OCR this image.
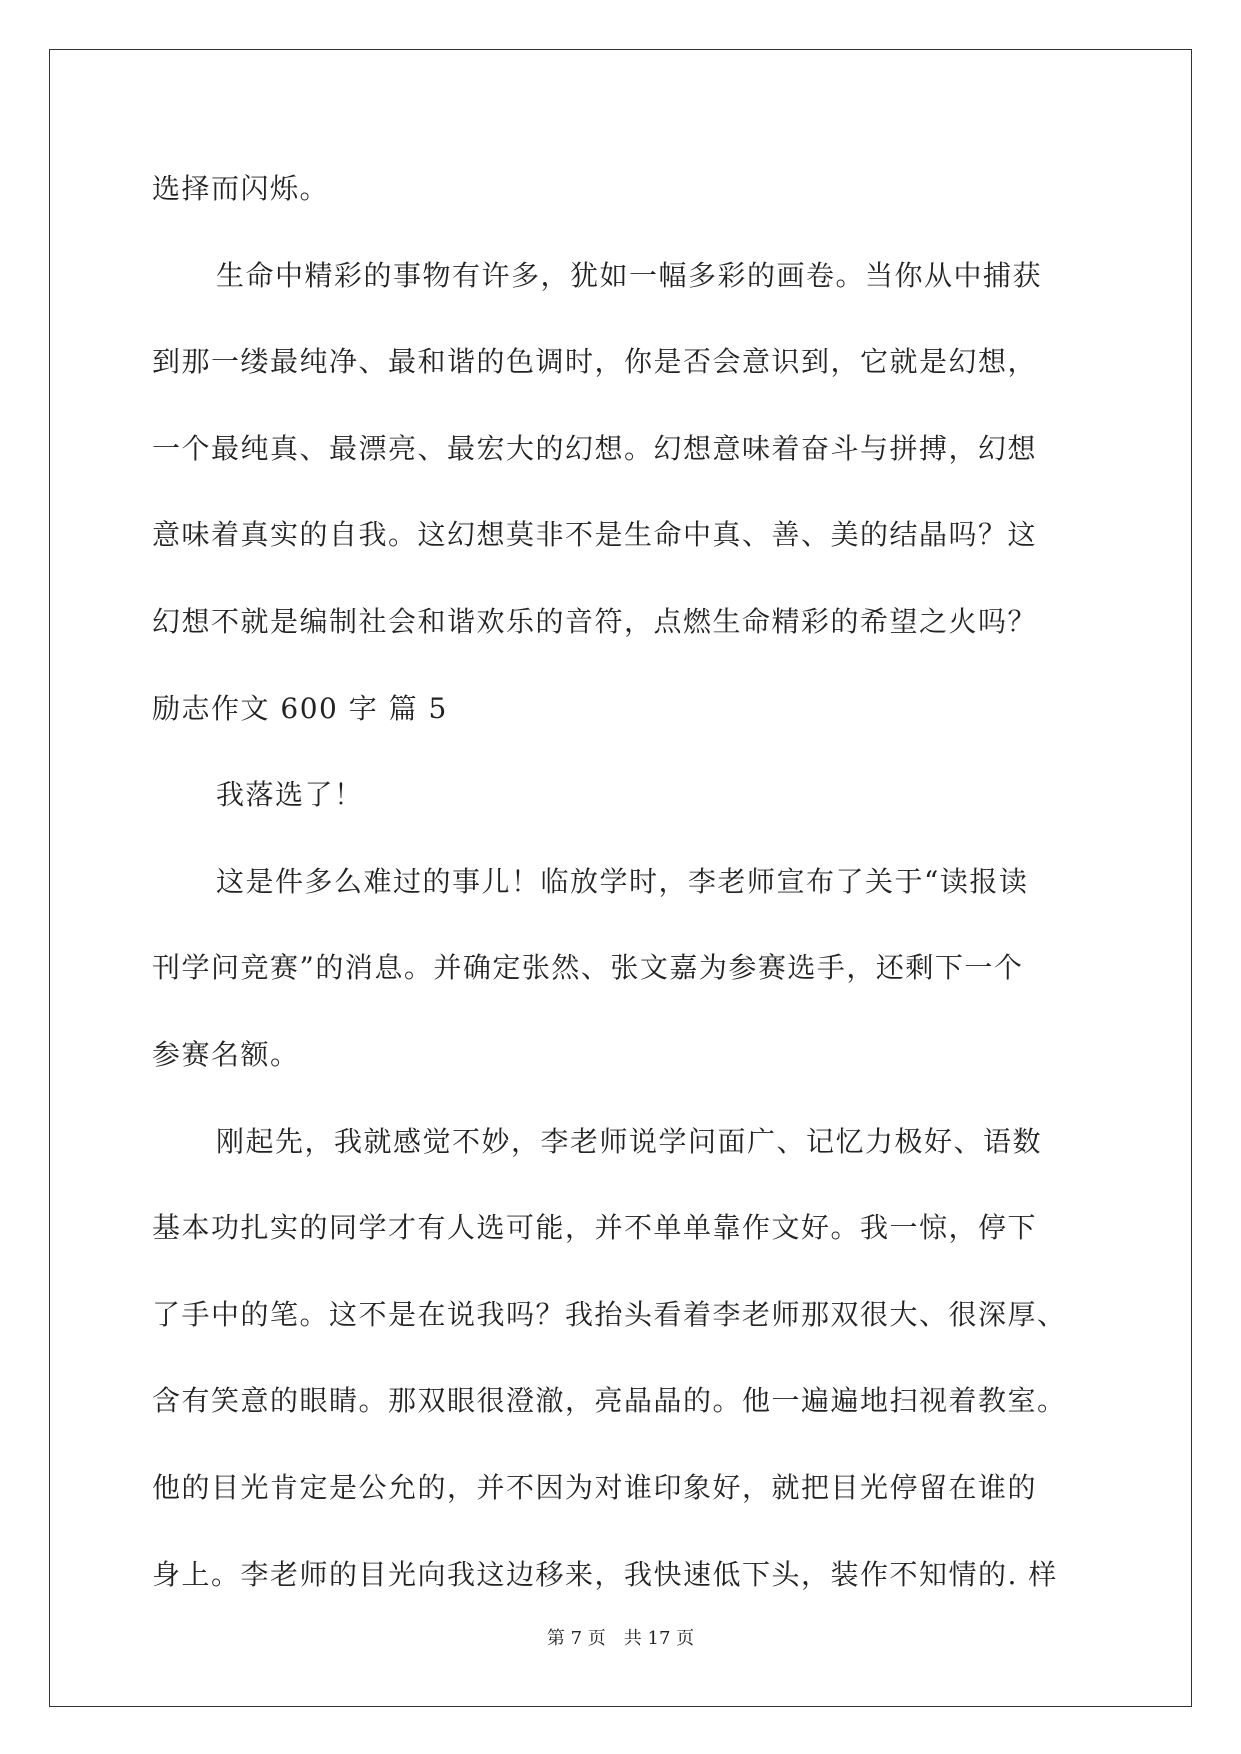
选择而闪烁。
生命中精彩的事物有许多，犹如一幅多彩的画卷。当你从中捕获
到那一缕最纯净、最和谐的色调时，你是否会意识到，它就是幻想，
一个最纯真、最漂亮、最宏大的幻想。幻想意味着奋斗与拼搏，幻想
意味着真实的自我。这幻想莫非不是生命中真、善、美的结晶吗？这
幻想不就是编制社会和谐欢乐的音符，点燃生命精彩的希望之火吗？
励志作文 600 字 篇 5
我落选了！
这是件多么难过的事儿！临放学时，李老师宣布了关于“读报读
刊学问竞赛”的消息。并确定张然、张文嘉为参赛选手，还剩下一个
参赛名额。
刚起先，我就感觉不妙，李老师说学问面广、记忆力极好、语数
基本功扎实的同学才有人选可能，并不单单靠作文好。我一惊，停下
了手中的笔。这不是在说我吗？我抬头看着李老师那双很大、很深厚、
含有笑意的眼睛。那双眼很澄澈，亮晶晶的。他一遍遍地扫视着教室。
他的目光肯定是公允的，并不因为对谁印象好，就把目光停留在谁的
身上。李老师的目光向我这边移来，我快速低下头，装作不知情的. 样
第 7 页　共 17 页
